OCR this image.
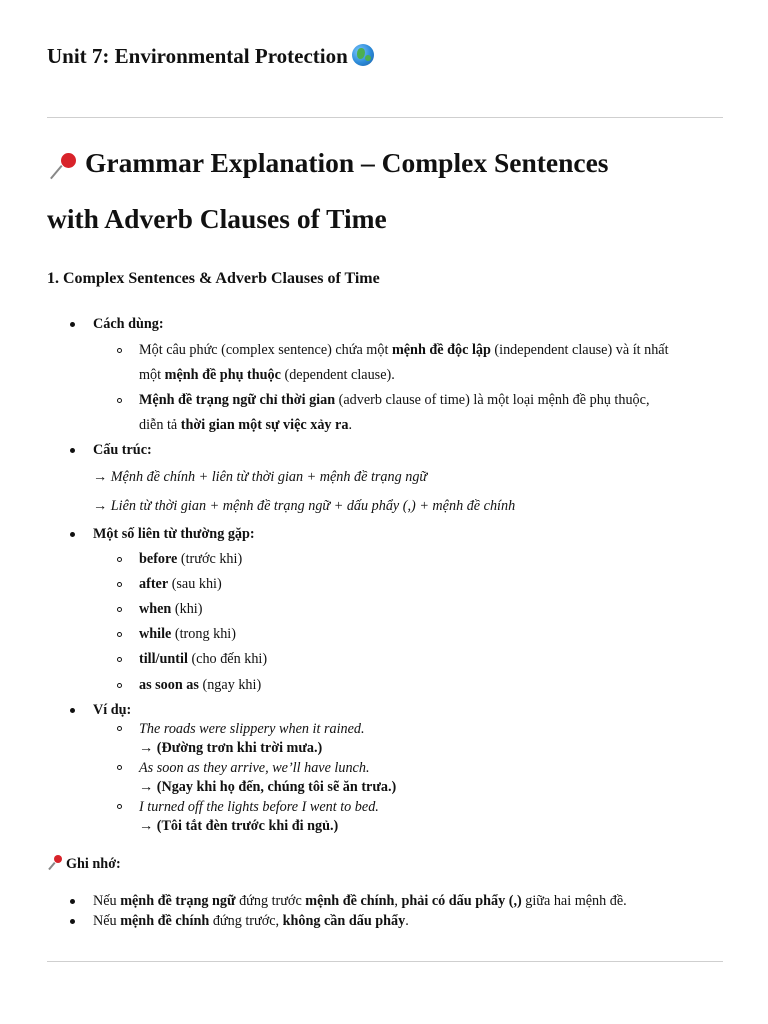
Unit 7: Environmental Protection
Grammar Explanation – Complex Sentences
with Adverb Clauses of Time
1. Complex Sentences & Adverb Clauses of Time
Cách dùng:
Một câu phức (complex sentence) chứa một mệnh đề độc lập (independent clause) và ít nhất
một mệnh đề phụ thuộc (dependent clause).
Mệnh đề trạng ngữ chỉ thời gian (adverb clause of time) là một loại mệnh đề phụ thuộc,
diễn tả thời gian một sự việc xảy ra.
Cấu trúc:
→ Mệnh đề chính + liên từ thời gian + mệnh đề trạng ngữ
→ Liên từ thời gian + mệnh đề trạng ngữ + dấu phẩy (,) + mệnh đề chính
Một số liên từ thường gặp:
before (trước khi)
after (sau khi)
when (khi)
while (trong khi)
till/until (cho đến khi)
as soon as (ngay khi)
Ví dụ:
The roads were slippery when it rained.
→ (Đường trơn khi trời mưa.)
As soon as they arrive, we’ll have lunch.
→ (Ngay khi họ đến, chúng tôi sẽ ăn trưa.)
I turned off the lights before I went to bed.
→ (Tôi tắt đèn trước khi đi ngủ.)
Ghi nhớ:
Nếu mệnh đề trạng ngữ đứng trước mệnh đề chính, phải có dấu phẩy (,) giữa hai mệnh đề.
Nếu mệnh đề chính đứng trước, không cần dấu phẩy.
